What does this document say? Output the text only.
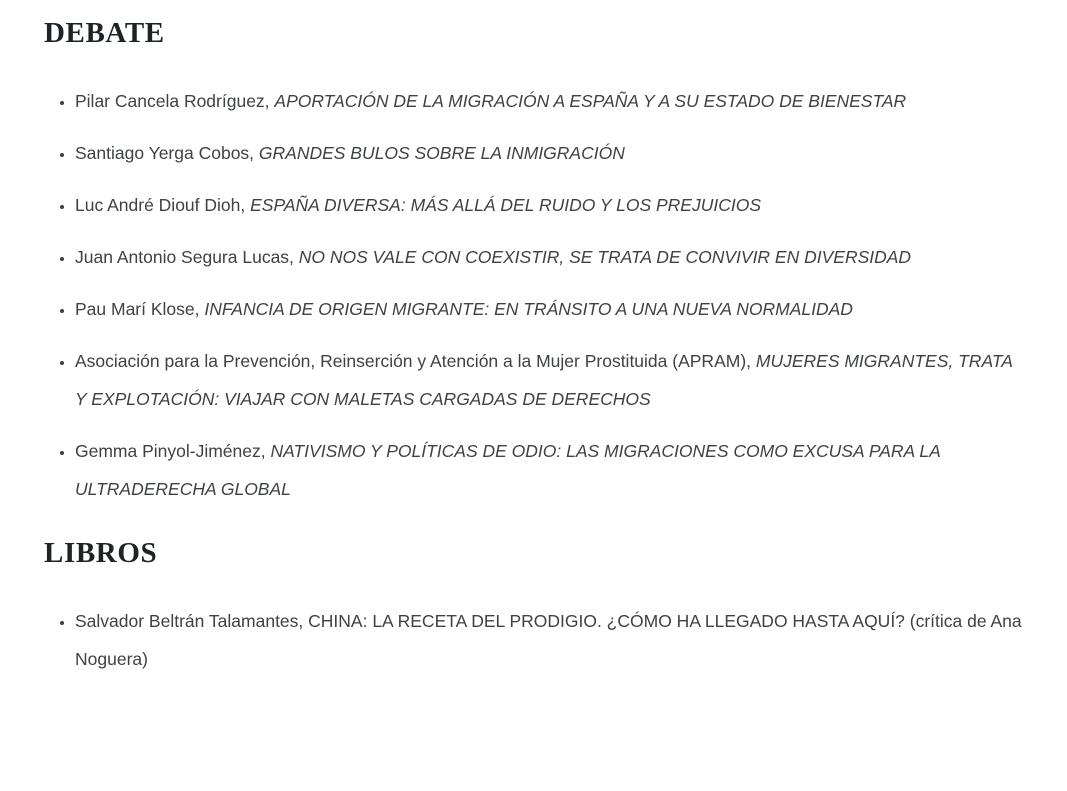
DEBATE
• Pilar Cancela Rodríguez, APORTACIÓN DE LA MIGRACIÓN A ESPAÑA Y A SU ESTADO DE BIENESTAR
• Santiago Yerga Cobos, GRANDES BULOS SOBRE LA INMIGRACIÓN
• Luc André Diouf Dioh, ESPAÑA DIVERSA: MÁS ALLÁ DEL RUIDO Y LOS PREJUICIOS
• Juan Antonio Segura Lucas, NO NOS VALE CON COEXISTIR, SE TRATA DE CONVIVIR EN DIVERSIDAD
• Pau Marí Klose, INFANCIA DE ORIGEN MIGRANTE: EN TRÁNSITO A UNA NUEVA NORMALIDAD
• Asociación para la Prevención, Reinserción y Atención a la Mujer Prostituida (APRAM), MUJERES MIGRANTES, TRATA Y EXPLOTACIÓN: VIAJAR CON MALETAS CARGADAS DE DERECHOS
• Gemma Pinyol-Jiménez, NATIVISMO Y POLÍTICAS DE ODIO: LAS MIGRACIONES COMO EXCUSA PARA LA ULTRADERECHA GLOBAL
LIBROS
• Salvador Beltrán Talamantes, CHINA: LA RECETA DEL PRODIGIO. ¿CÓMO HA LLEGADO HASTA AQUÍ? (crítica de Ana Noguera)
